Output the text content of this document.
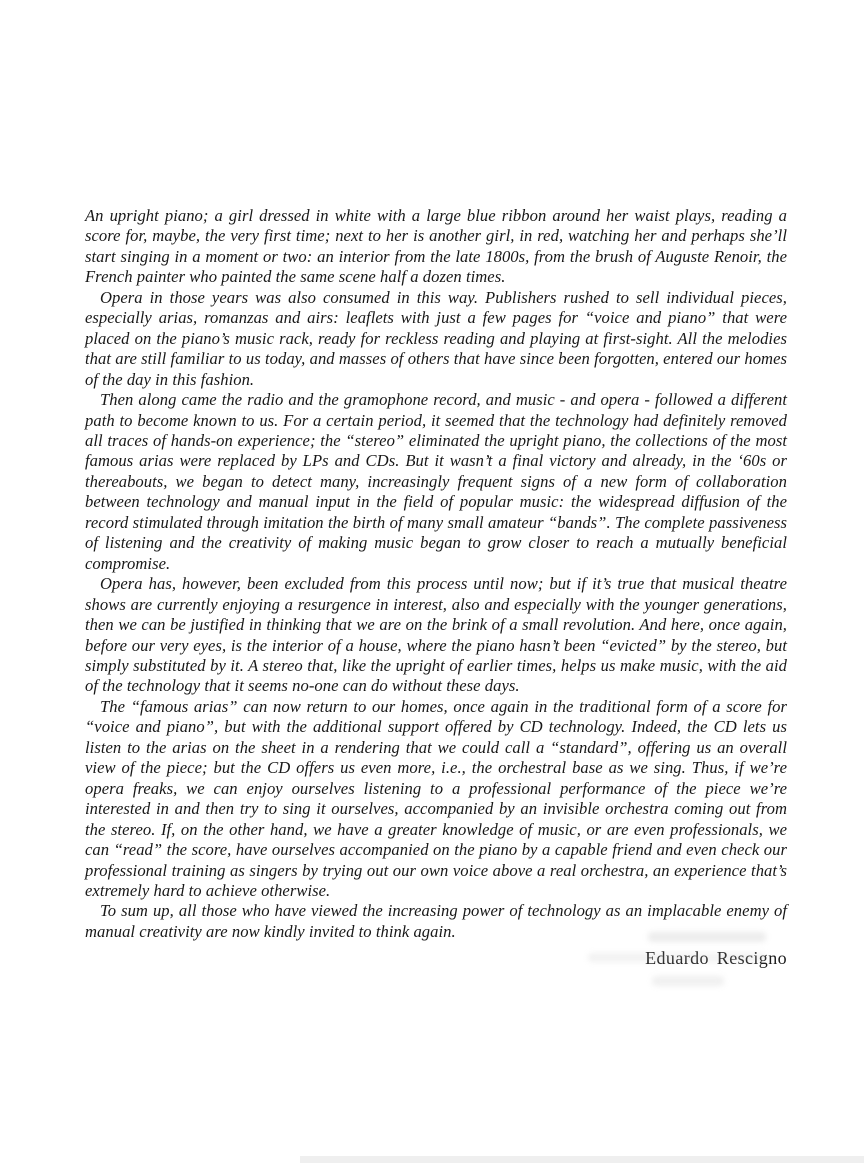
An upright piano; a girl dressed in white with a large blue ribbon around her waist plays, reading a score for, maybe, the very first time; next to her is another girl, in red, watching her and perhaps she’ll start singing in a moment or two: an interior from the late 1800s, from the brush of Auguste Renoir, the French painter who painted the same scene half a dozen times.

Opera in those years was also consumed in this way. Publishers rushed to sell individual pieces, especially arias, romanzas and airs: leaflets with just a few pages for “voice and piano” that were placed on the piano’s music rack, ready for reckless reading and playing at first-sight. All the melodies that are still familiar to us today, and masses of others that have since been forgotten, entered our homes of the day in this fashion.

Then along came the radio and the gramophone record, and music - and opera - followed a different path to become known to us. For a certain period, it seemed that the technology had definitely removed all traces of hands-on experience; the “stereo” eliminated the upright piano, the collections of the most famous arias were replaced by LPs and CDs. But it wasn’t a final victory and already, in the ‘60s or thereabouts, we began to detect many, increasingly frequent signs of a new form of collaboration between technology and manual input in the field of popular music: the widespread diffusion of the record stimulated through imitation the birth of many small amateur “bands”. The complete passiveness of listening and the creativity of making music began to grow closer to reach a mutually beneficial compromise.

Opera has, however, been excluded from this process until now; but if it’s true that musical theatre shows are currently enjoying a resurgence in interest, also and especially with the younger generations, then we can be justified in thinking that we are on the brink of a small revolution. And here, once again, before our very eyes, is the interior of a house, where the piano hasn’t been “evicted” by the stereo, but simply substituted by it. A stereo that, like the upright of earlier times, helps us make music, with the aid of the technology that it seems no-one can do without these days.

The “famous arias” can now return to our homes, once again in the traditional form of a score for “voice and piano”, but with the additional support offered by CD technology. Indeed, the CD lets us listen to the arias on the sheet in a rendering that we could call a “standard”, offering us an overall view of the piece; but the CD offers us even more, i.e., the orchestral base as we sing. Thus, if we’re opera freaks, we can enjoy ourselves listening to a professional performance of the piece we’re interested in and then try to sing it ourselves, accompanied by an invisible orchestra coming out from the stereo. If, on the other hand, we have a greater knowledge of music, or are even professionals, we can “read” the score, have ourselves accompanied on the piano by a capable friend and even check our professional training as singers by trying out our own voice above a real orchestra, an experience that’s extremely hard to achieve otherwise.

To sum up, all those who have viewed the increasing power of technology as an implacable enemy of manual creativity are now kindly invited to think again.

Eduardo Rescigno
